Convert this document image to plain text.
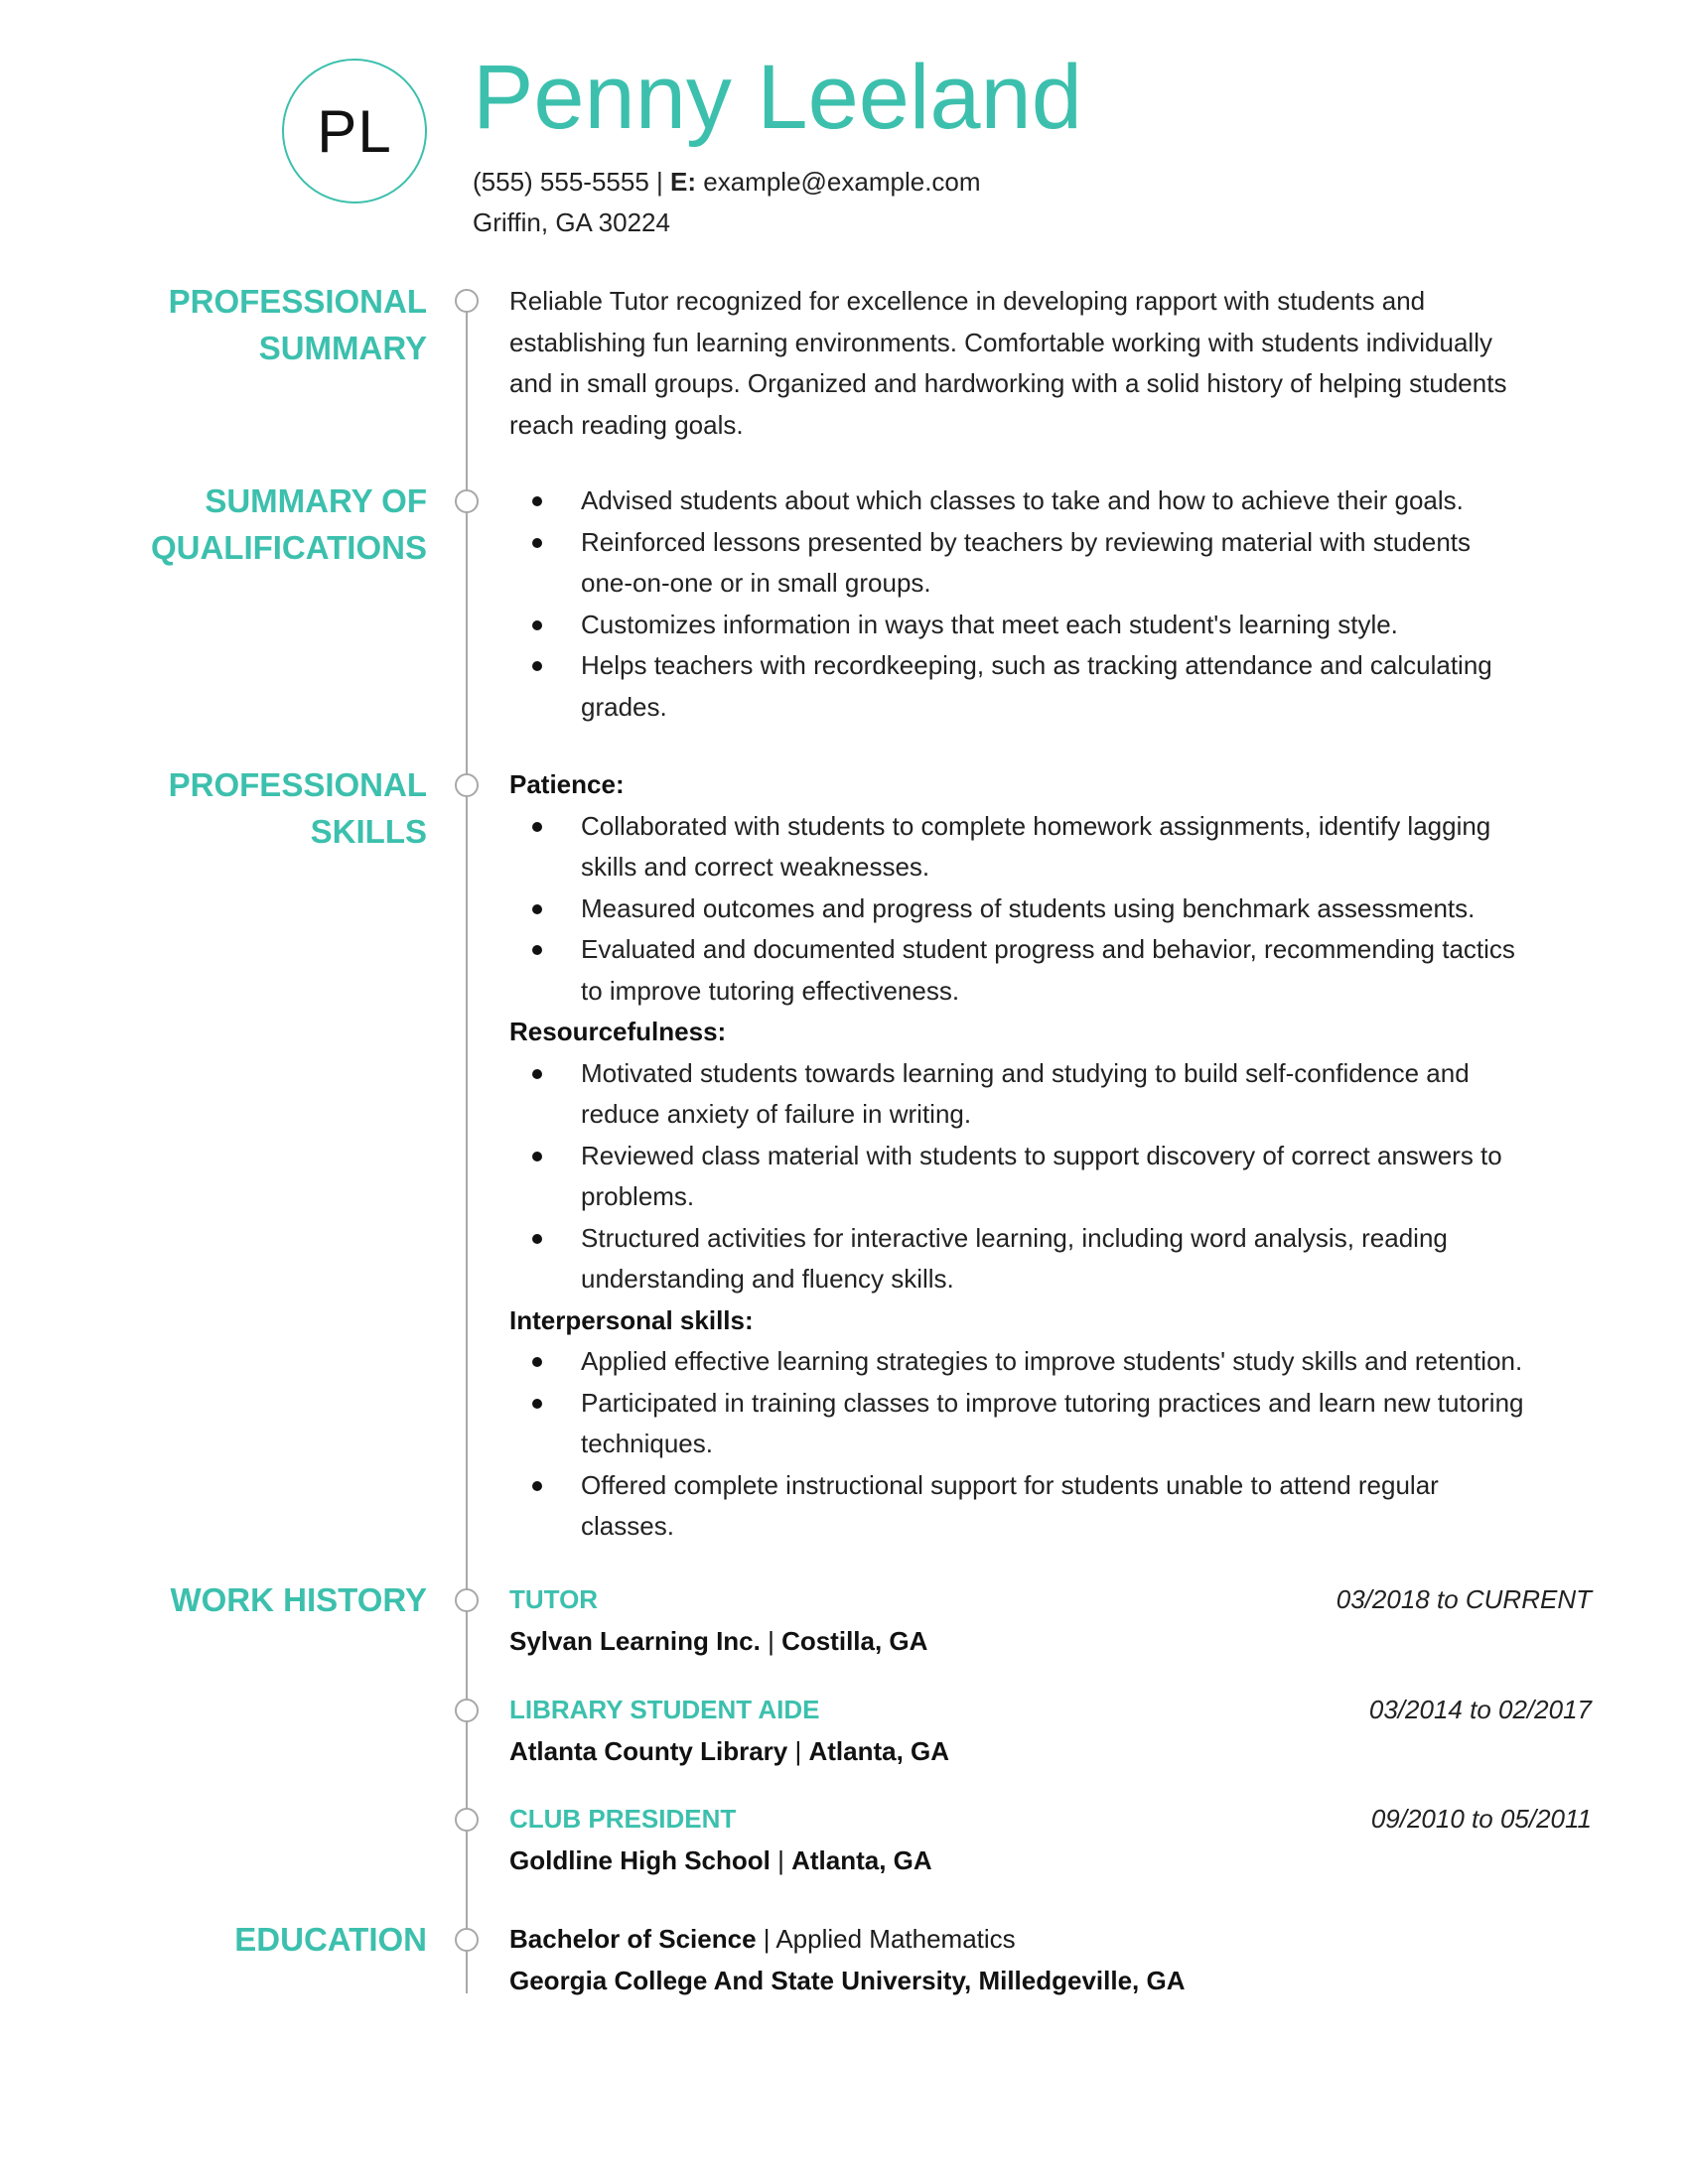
PL Penny Leeland
(555) 555-5555 | E: example@example.com
Griffin, GA 30224
PROFESSIONAL
SUMMARY

Reliable Tutor recognized for excellence in developing rapport with students and

establishing fun learning environments. Comfortable working with students individually

and in small groups. Organized and hardworking with a solid history of helping students

reach reading goals.

SUMMARY OF
QUALIFICATIONS
Advised students about which classes to take and how to achieve their goals.
Reinforced lessons presented by teachers by reviewing material with students
one-on-one or in small groups.
Customizes information in ways that meet each student's learning style.
Helps teachers with recordkeeping, such as tracking attendance and calculating
grades.
PROFESSIONAL
SKILLS
Patience:
Collaborated with students to complete homework assignments, identify lagging
skills and correct weaknesses.
Measured outcomes and progress of students using benchmark assessments.
Evaluated and documented student progress and behavior, recommending tactics
to improve tutoring effectiveness.
Resourcefulness:
Motivated students towards learning and studying to build self-confidence and
reduce anxiety of failure in writing.
Reviewed class material with students to support discovery of correct answers to
problems.
Structured activities for interactive learning, including word analysis, reading
understanding and fluency skills.
Interpersonal skills:
Applied effective learning strategies to improve students' study skills and retention.
Participated in training classes to improve tutoring practices and learn new tutoring
techniques.
Offered complete instructional support for students unable to attend regular
classes.
WORK HISTORY	TUTOR	03/2018 to CURRENT
Sylvan Learning Inc. | Costilla, GA
LIBRARY STUDENT AIDE	03/2014 to 02/2017
Atlanta County Library | Atlanta, GA
CLUB PRESIDENT	09/2010 to 05/2011
Goldline High School | Atlanta, GA
EDUCATION	Bachelor of Science | Applied Mathematics
Georgia College And State University, Milledgeville, GA
